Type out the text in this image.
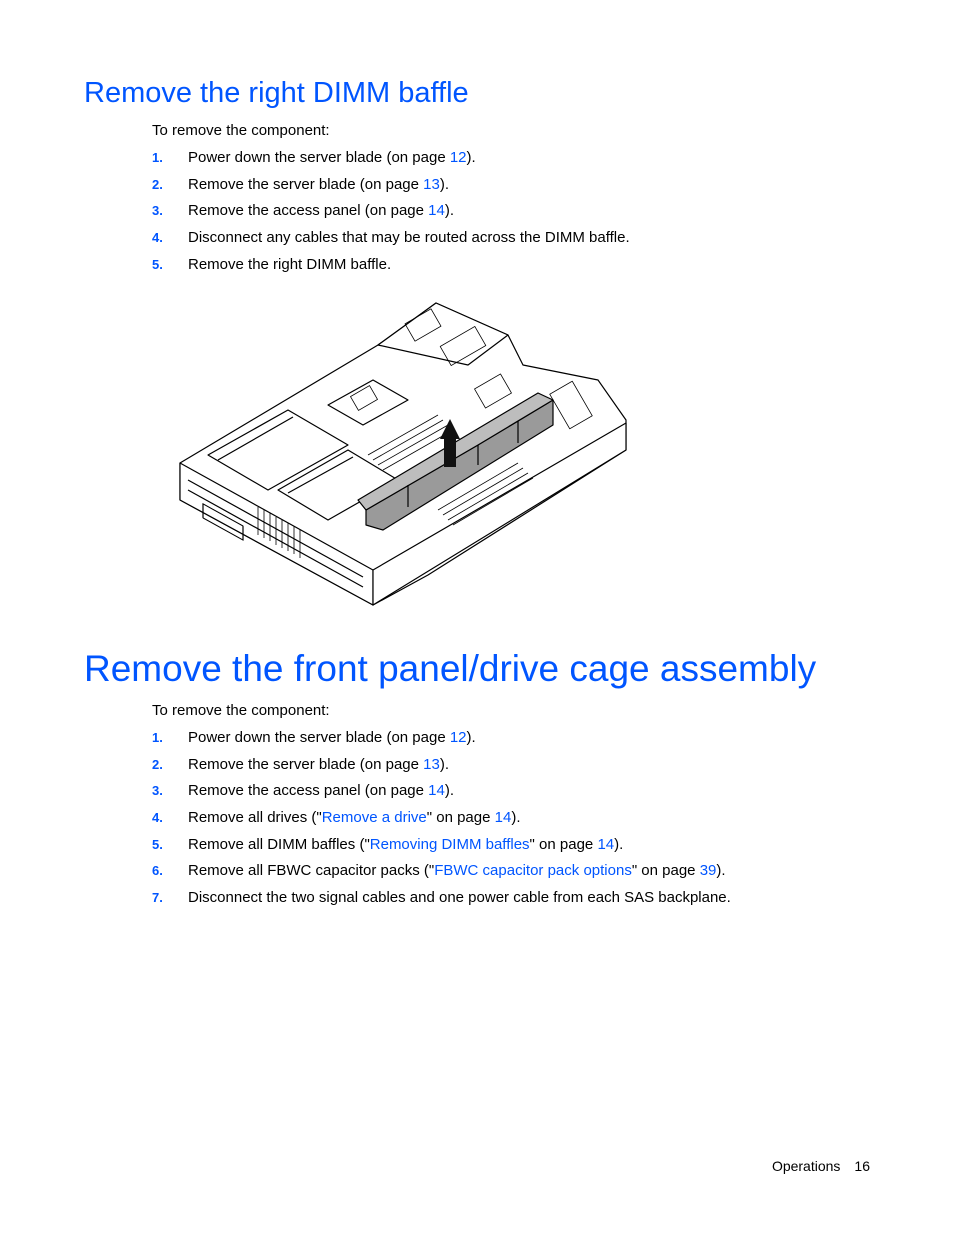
Remove the right DIMM baffle

To remove the component:

1. Power down the server blade (on page 12).
2. Remove the server blade (on page 13).
3. Remove the access panel (on page 14).
4. Disconnect any cables that may be routed across the DIMM baffle.
5. Remove the right DIMM baffle.
Remove the front panel/drive cage assembly

To remove the component:

1. Power down the server blade (on page 12).
2. Remove the server blade (on page 13).
3. Remove the access panel (on page 14).
4. Remove all drives ("Remove a drive" on page 14).
5. Remove all DIMM baffles ("Removing DIMM baffles" on page 14).
6. Remove all FBWC capacitor packs ("FBWC capacitor pack options" on page 39).
7. Disconnect the two signal cables and one power cable from each SAS backplane.
Operations 16
